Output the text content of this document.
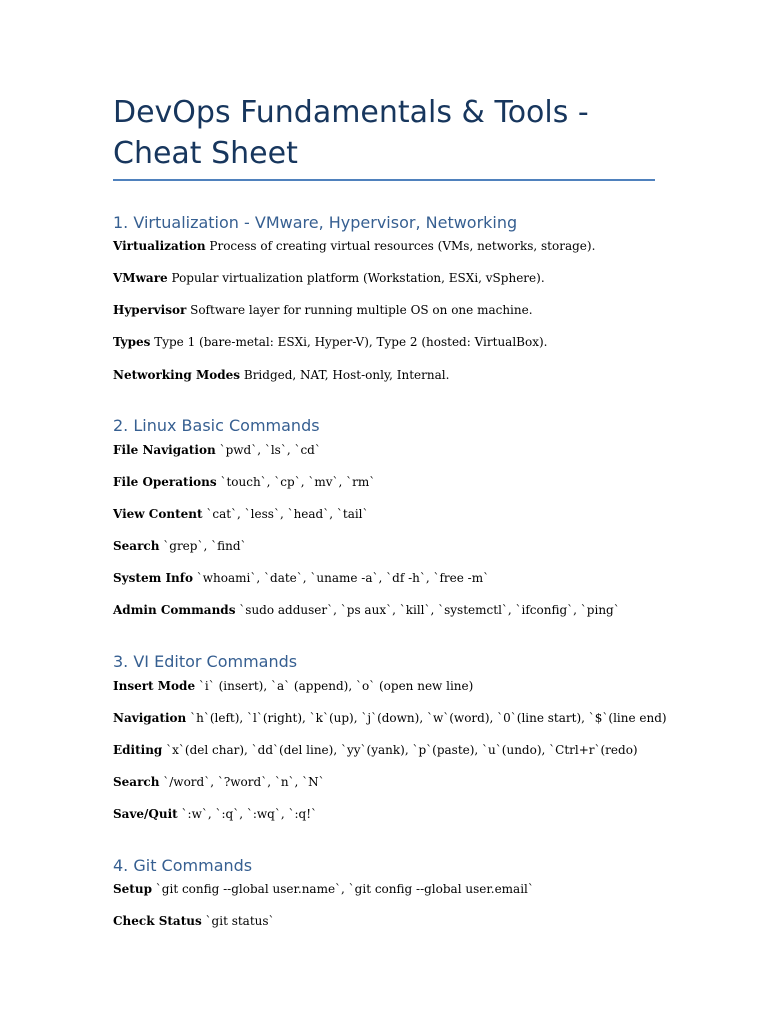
DevOps Fundamentals & Tools - Cheat Sheet
1. Virtualization - VMware, Hypervisor, Networking

Virtualization Process of creating virtual resources (VMs, networks, storage).

VMware Popular virtualization platform (Workstation, ESXi, vSphere).

Hypervisor Software layer for running multiple OS on one machine.

Types Type 1 (bare-metal: ESXi, Hyper-V), Type 2 (hosted: VirtualBox).

Networking Modes Bridged, NAT, Host-only, Internal.

2. Linux Basic Commands

File Navigation `pwd`, `ls`, `cd`

File Operations `touch`, `cp`, `mv`, `rm`

View Content `cat`, `less`, `head`, `tail`

Search `grep`, `find`

System Info `whoami`, `date`, `uname -a`, `df -h`, `free -m`

Admin Commands `sudo adduser`, `ps aux`, `kill`, `systemctl`, `ifconfig`, `ping`

3. VI Editor Commands

Insert Mode `i` (insert), `a` (append), `o` (open new line)

Navigation `h`(left), `l`(right), `k`(up), `j`(down), `w`(word), `0`(line start), `$`(line end)

Editing `x`(del char), `dd`(del line), `yy`(yank), `p`(paste), `u`(undo), `Ctrl+r`(redo)

Search `/word`, `?word`, `n`, `N`

Save/Quit `:w`, `:q`, `:wq`, `:q!`

4. Git Commands

Setup `git config --global user.name`, `git config --global user.email`

Check Status `git status`
